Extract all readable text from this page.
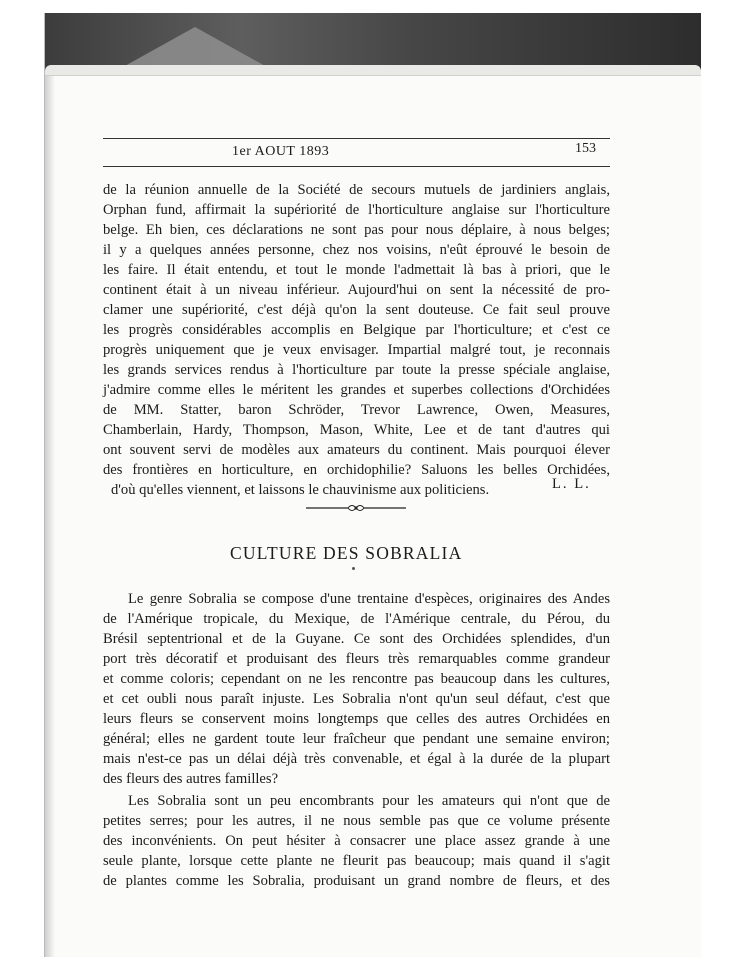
1er AOUT 1893	153

de la réunion annuelle de la Société de secours mutuels de jardiniers anglais,

Orphan fund, affirmait la supériorité de l'horticulture anglaise sur l'horticulture

belge. Eh bien, ces déclarations ne sont pas pour nous déplaire, à nous belges;

il y a quelques années personne, chez nos voisins, n'eût éprouvé le besoin de

les faire. Il était entendu, et tout le monde l'admettait là bas à priori, que le

continent était à un niveau inférieur. Aujourd'hui on sent la nécessité de pro-

clamer une supériorité, c'est déjà qu'on la sent douteuse. Ce fait seul prouve

les progrès considérables accomplis en Belgique par l'horticulture; et c'est ce

progrès uniquement que je veux envisager. Impartial malgré tout, je reconnais

les grands services rendus à l'horticulture par toute la presse spéciale anglaise,

j'admire comme elles le méritent les grandes et superbes collections d'Orchidées

de MM. Statter, baron Schröder, Trevor Lawrence, Owen, Measures,

Chamberlain, Hardy, Thompson, Mason, White, Lee et de tant d'autres qui

ont souvent servi de modèles aux amateurs du continent. Mais pourquoi élever

des frontières en horticulture, en orchidophilie? Saluons les belles Orchidées,

d'où qu'elles viennent, et laissons le chauvinisme aux politiciens.	L. L.
CULTURE DES SOBRALIA

Le genre Sobralia se compose d'une trentaine d'espèces, originaires des Andes

de l'Amérique tropicale, du Mexique, de l'Amérique centrale, du Pérou, du

Brésil septentrional et de la Guyane. Ce sont des Orchidées splendides, d'un

port très décoratif et produisant des fleurs très remarquables comme grandeur

et comme coloris; cependant on ne les rencontre pas beaucoup dans les cultures,

et cet oubli nous paraît injuste. Les Sobralia n'ont qu'un seul défaut, c'est que

leurs fleurs se conservent moins longtemps que celles des autres Orchidées en

général; elles ne gardent toute leur fraîcheur que pendant une semaine environ;

mais n'est-ce pas un délai déjà très convenable, et égal à la durée de la plupart

des fleurs des autres familles?

Les Sobralia sont un peu encombrants pour les amateurs qui n'ont que de

petites serres; pour les autres, il ne nous semble pas que ce volume présente

des inconvénients. On peut hésiter à consacrer une place assez grande à une

seule plante, lorsque cette plante ne fleurit pas beaucoup; mais quand il s'agit

de plantes comme les Sobralia, produisant un grand nombre de fleurs, et des
